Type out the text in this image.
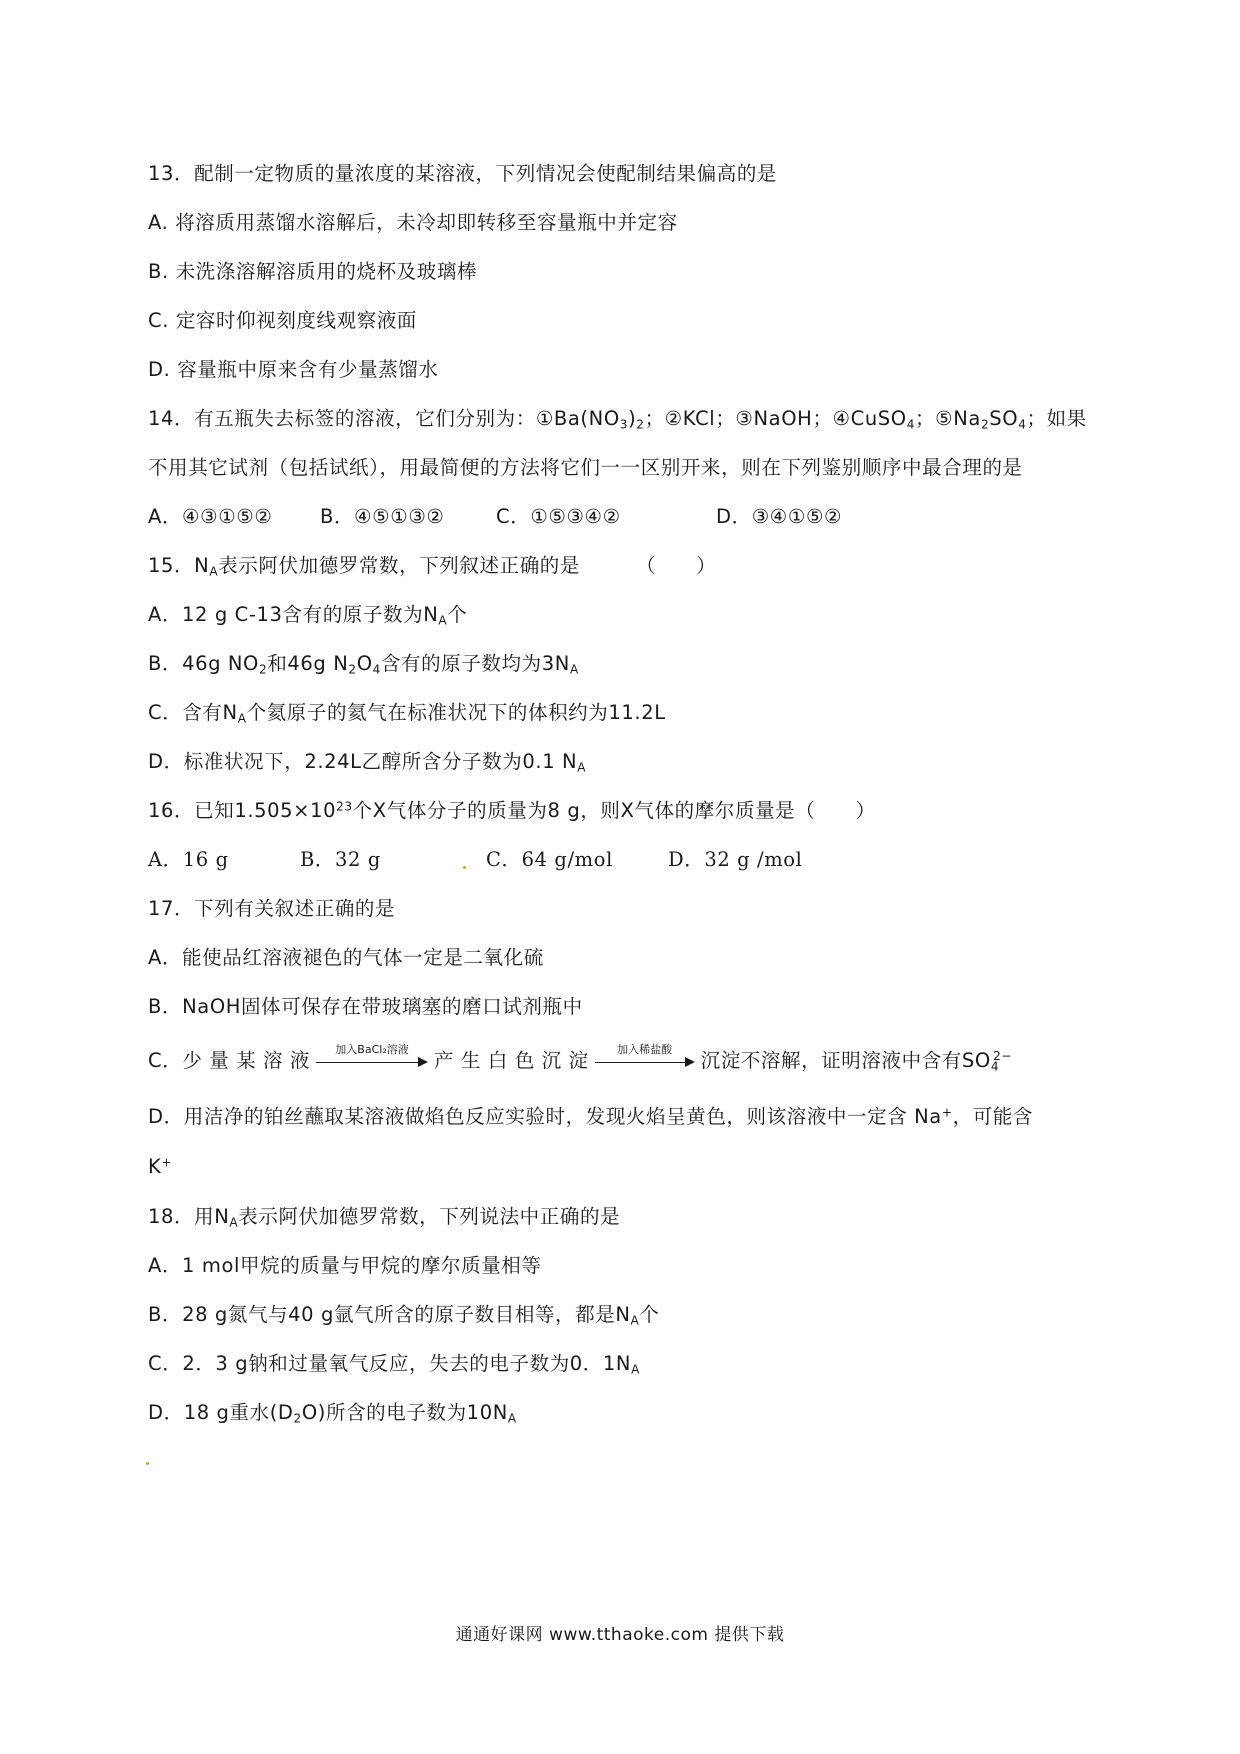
13．配制一定物质的量浓度的某溶液，下列情况会使配制结果偏高的是
A. 将溶质用蒸馏水溶解后，未冷却即转移至容量瓶中并定容
B. 未洗涤溶解溶质用的烧杯及玻璃棒
C. 定容时仰视刻度线观察液面
D. 容量瓶中原来含有少量蒸馏水
14．有五瓶失去标签的溶液，它们分别为：$①Ba(NO_3)_2$；②KCl；③NaOH；④CuSO$_4$；$⑤Na_2SO_4$；如果
不用其它试剂（包括试纸），用最简便的方法将它们一一区别开来，则在下列鉴别顺序中最合理的是
A．④③①⑤② B．④⑤①③②	C．①⑤③④②	D．③④①⑤②
15．$N_A$表示阿伏加德罗常数，下列叙述正确的是	（　　）
A．12 g C-13含有的原子数为$N_A$个
B．46g $NO_2$和46g $N_2O_4$含有的原子数均为$3N_A$
C．含有$N_A$个氦原子的氦气在标准状况下的体积约为11.2L
D．标准状况下，2.24L乙醇所含分子数为0.1 $N_A$
16．已知$1.505\times 10^{23}$个X气体分子的质量为8 g，则X气体的摩尔质量是（　　）
A．16 g	B．32 g	C．64 g/mol	D．32 g /mol
17．下列有关叙述正确的是
A．能使品红溶液褪色的气体一定是二氧化硫
B．NaOH固体可保存在带玻璃塞的磨口试剂瓶中
C．少 量 某 溶 液	加入BaCl₂溶液	产 生 白 色 沉 淀	加入稀盐酸	沉淀不溶解，证明溶液中含有$SO_4^{2-}$
D．用洁净的铂丝蘸取某溶液做焰色反应实验时，发现火焰呈黄色，则该溶液中一定含 Na+，可能含
K+
18．用$N_A$表示阿伏加德罗常数，下列说法中正确的是
A．1 mol甲烷的质量与甲烷的摩尔质量相等
B．28 g氮气与40 g氩气所含的原子数目相等，都是$N_A$个
C．2．3 g钠和过量氧气反应，失去的电子数为0．$1N_A$
D．18 g重水$(D_2O)$所含的电子数为$10N_A$
通通好课网 www.tthaoke.com 提供下载
